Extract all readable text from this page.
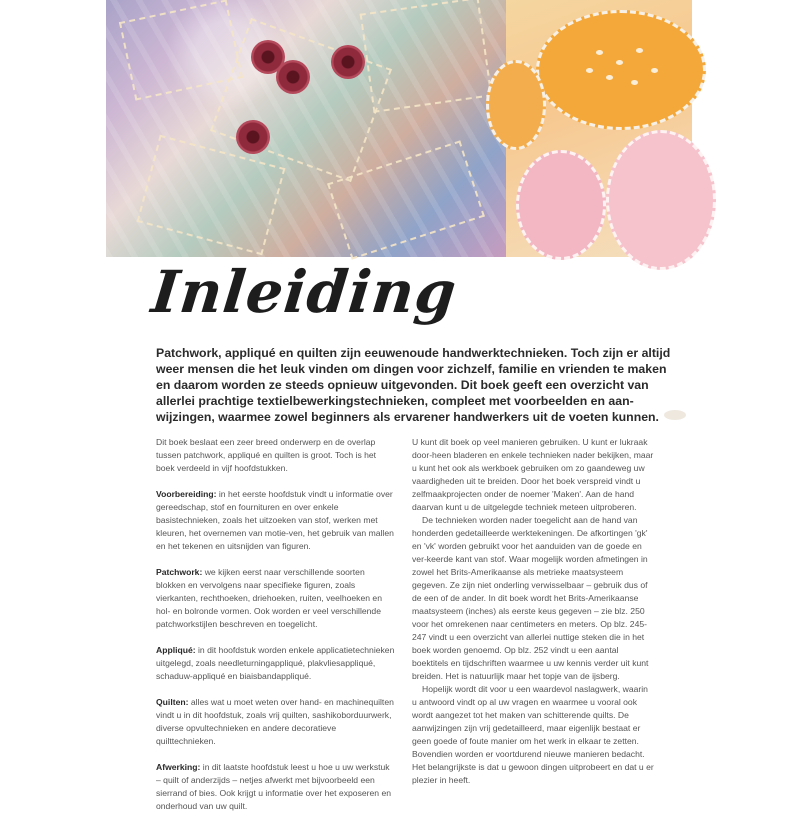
Inleiding

Patchwork, appliqué en quilten zijn eeuwenoude handwerktechnieken. Toch zijn er altijd weer mensen die het leuk vinden om dingen voor zichzelf, familie en vrienden te maken en daarom worden ze steeds opnieuw uitgevonden. Dit boek geeft een overzicht van allerlei prachtige textielbewerkingstechnieken, compleet met voorbeelden en aan-wijzingen, waarmee zowel beginners als ervarener handwerkers uit de voeten kunnen.

Dit boek beslaat een zeer breed onderwerp en de overlap tussen patchwork, appliqué en quilten is groot. Toch is het boek verdeeld in vijf hoofdstukken.

Voorbereiding: in het eerste hoofdstuk vindt u informatie over gereedschap, stof en fournituren en over enkele basistechnieken, zoals het uitzoeken van stof, werken met kleuren, het overnemen van motie-ven, het gebruik van mallen en het tekenen en uitsnijden van figuren.

Patchwork: we kijken eerst naar verschillende soorten blokken en vervolgens naar specifieke figuren, zoals vierkanten, rechthoeken, driehoeken, ruiten, veelhoeken en hol- en bolronde vormen. Ook worden er veel verschillende patchworkstijlen beschreven en toegelicht.

Appliqué: in dit hoofdstuk worden enkele applicatietechnieken uitgelegd, zoals needleturningappliqué, plakvliesappliqué, schaduw-appliqué en biaisbandappliqué.

Quilten: alles wat u moet weten over hand- en machinequilten vindt u in dit hoofdstuk, zoals vrij quilten, sashikoborduurwerk, diverse opvultechnieken en andere decoratieve quilttechnieken.

Afwerking: in dit laatste hoofdstuk leest u hoe u uw werkstuk – quilt of anderzijds – netjes afwerkt met bijvoorbeeld een sierrand of bies. Ook krijgt u informatie over het exposeren en onderhoud van uw quilt.

U kunt dit boek op veel manieren gebruiken. U kunt er lukraak door-heen bladeren en enkele technieken nader bekijken, maar u kunt het ook als werkboek gebruiken om zo gaandeweg uw vaardigheden uit te breiden. Door het boek verspreid vindt u zelfmaakprojecten onder de noemer 'Maken'. Aan de hand daarvan kunt u de uitgelegde techniek meteen uitproberen.

De technieken worden nader toegelicht aan de hand van honderden gedetailleerde werktekeningen. De afkortingen 'gk' en 'vk' worden gebruikt voor het aanduiden van de goede en ver-keerde kant van stof. Waar mogelijk worden afmetingen in zowel het Brits-Amerikaanse als metrieke maatsysteem gegeven. Ze zijn niet onderling verwisselbaar – gebruik dus of de een of de ander. In dit boek wordt het Brits-Amerikaanse maatsysteem (inches) als eerste keus gegeven – zie blz. 250 voor het omrekenen naar centimeters en meters. Op blz. 245-247 vindt u een overzicht van allerlei nuttige steken die in het boek worden genoemd. Op blz. 252 vindt u een aantal boektitels en tijdschriften waarmee u uw kennis verder uit kunt breiden. Het is natuurlijk maar het topje van de ijsberg.

Hopelijk wordt dit voor u een waardevol naslagwerk, waarin u antwoord vindt op al uw vragen en waarmee u vooral ook wordt aangezet tot het maken van schitterende quilts. De aanwijzingen zijn vrij gedetailleerd, maar eigenlijk bestaat er geen goede of foute manier om het werk in elkaar te zetten. Bovendien worden er voortdurend nieuwe manieren bedacht. Het belangrijkste is dat u gewoon dingen uitprobeert en dat u er plezier in heeft.
